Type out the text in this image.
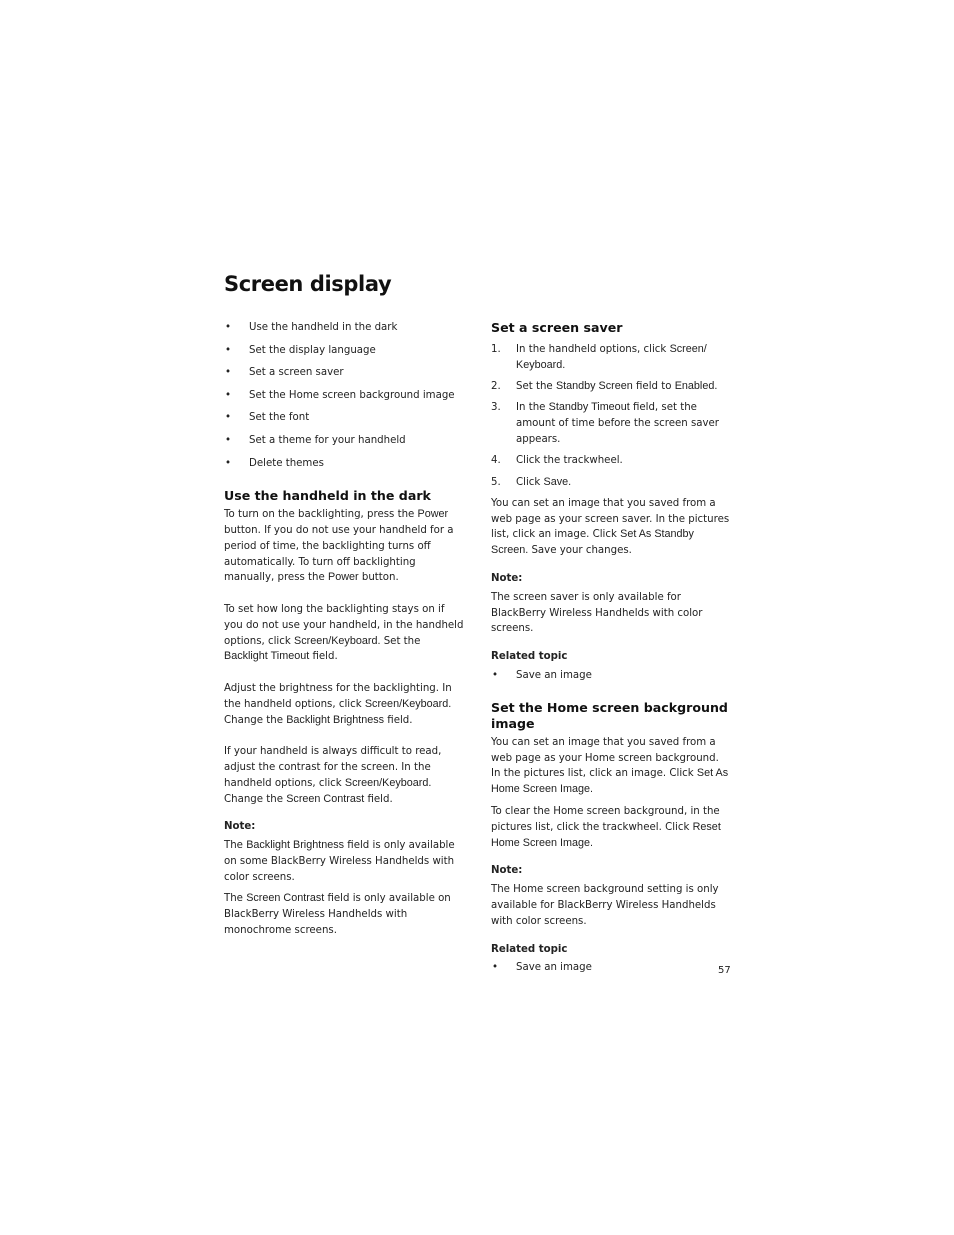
Screen display
• Use the handheld in the dark
• Set the display language
• Set a screen saver
• Set the Home screen background image
• Set the font
• Set a theme for your handheld
• Delete themes
Use the handheld in the dark

To turn on the backlighting, press the Power button. If you do not use your handheld for a period of time, the backlighting turns off automatically. To turn off backlighting manually, press the Power button.

To set how long the backlighting stays on if you do not use your handheld, in the handheld options, click Screen/Keyboard. Set the Backlight Timeout field.

Adjust the brightness for the backlighting. In the handheld options, click Screen/Keyboard. Change the Backlight Brightness field.

If your handheld is always difficult to read, adjust the contrast for the screen. In the handheld options, click Screen/Keyboard. Change the Screen Contrast field.

Note:

The Backlight Brightness field is only available on some BlackBerry Wireless Handhelds with color screens.

The Screen Contrast field is only available on BlackBerry Wireless Handhelds with monochrome screens.

Set a screen saver
1. In the handheld options, click Screen/ Keyboard.
2. Set the Standby Screen field to Enabled.
3. In the Standby Timeout field, set the amount of time before the screen saver appears.
4. Click the trackwheel.
5. Click Save.

You can set an image that you saved from a web page as your screen saver. In the pictures list, click an image. Click Set As Standby Screen. Save your changes.

Note:

The screen saver is only available for BlackBerry Wireless Handhelds with color screens.

Related topic

• Save an image
Set the Home screen background image

You can set an image that you saved from a web page as your Home screen background. In the pictures list, click an image. Click Set As Home Screen Image.

To clear the Home screen background, in the pictures list, click the trackwheel. Click Reset Home Screen Image.

Note:

The Home screen background setting is only available for BlackBerry Wireless Handhelds with color screens.

Related topic

• Save an image	57
